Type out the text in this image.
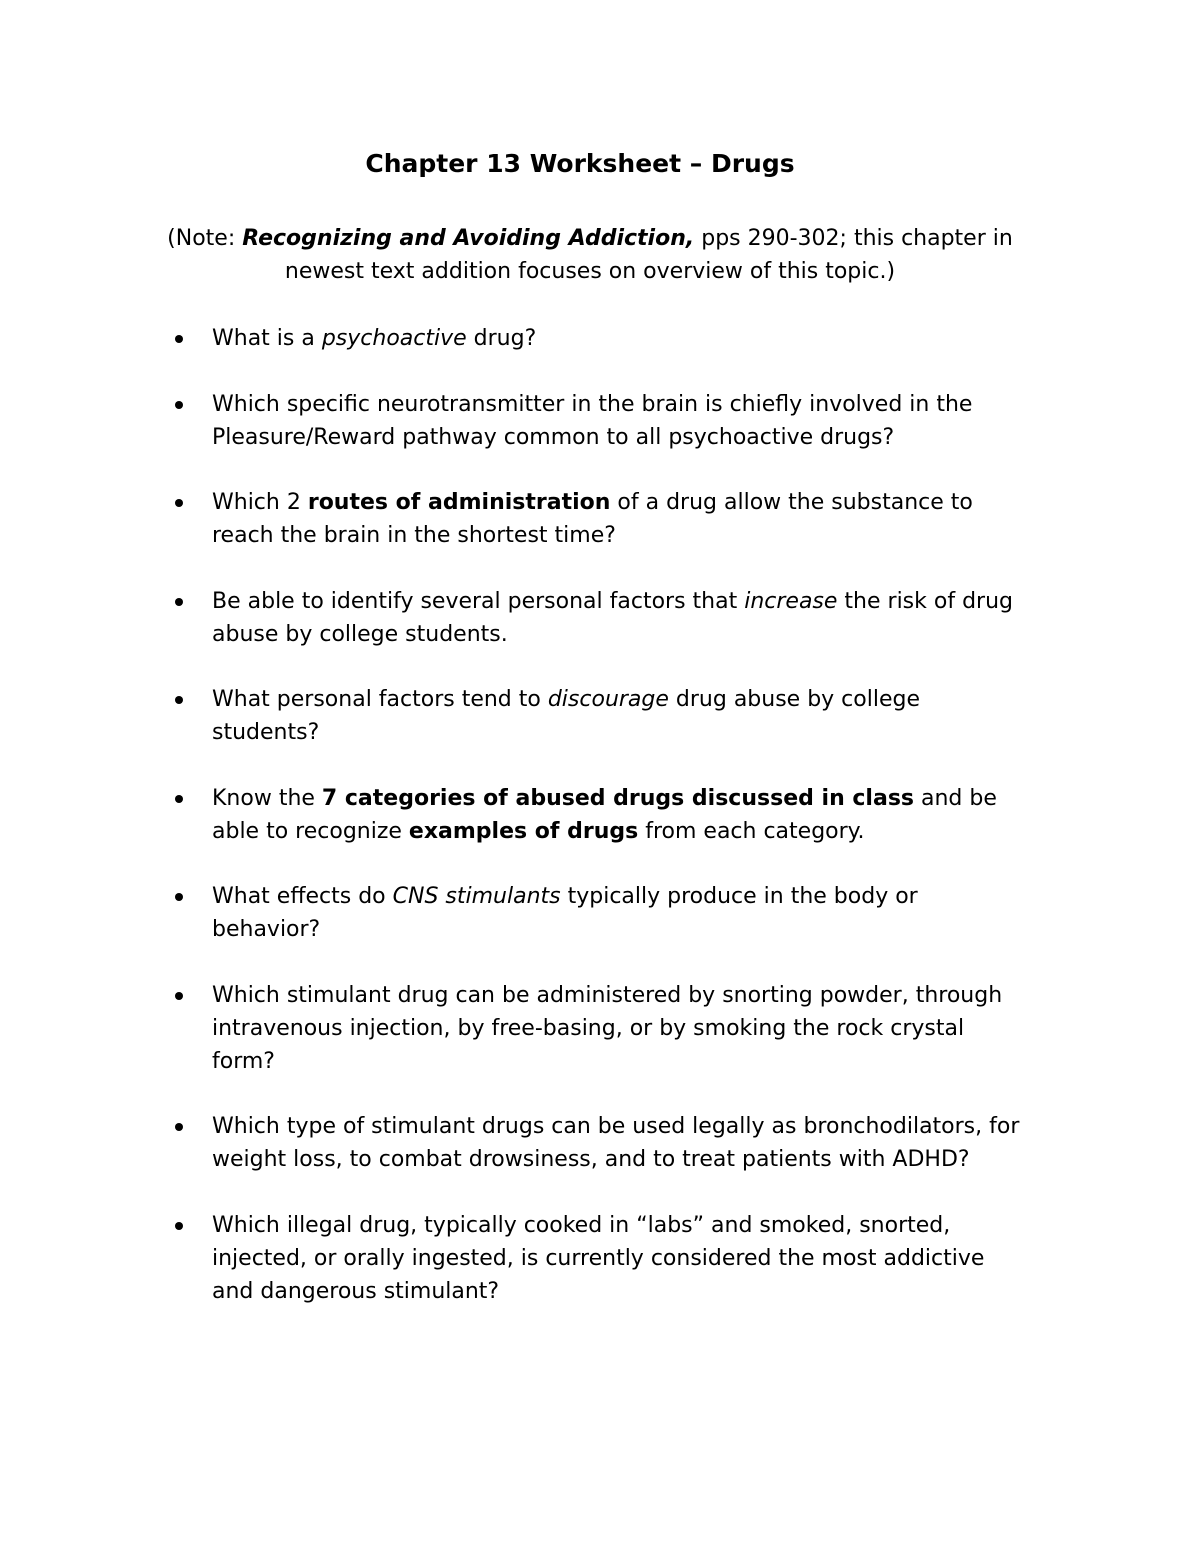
Chapter 13 Worksheet – Drugs
(Note: Recognizing and Avoiding Addiction, pps 290-302; this chapter in newest text addition focuses on overview of this topic.)
What is a psychoactive drug?
Which specific neurotransmitter in the brain is chiefly involved in the Pleasure/Reward pathway common to all psychoactive drugs?
Which 2 routes of administration of a drug allow the substance to reach the brain in the shortest time?
Be able to identify several personal factors that increase the risk of drug abuse by college students.
What personal factors tend to discourage drug abuse by college students?
Know the 7 categories of abused drugs discussed in class and be able to recognize examples of drugs from each category.
What effects do CNS stimulants typically produce in the body or behavior?
Which stimulant drug can be administered by snorting powder, through intravenous injection, by free-basing, or by smoking the rock crystal form?
Which type of stimulant drugs can be used legally as bronchodilators, for weight loss, to combat drowsiness, and to treat patients with ADHD?
Which illegal drug, typically cooked in “labs” and smoked, snorted, injected, or orally ingested, is currently considered the most addictive and dangerous stimulant?
